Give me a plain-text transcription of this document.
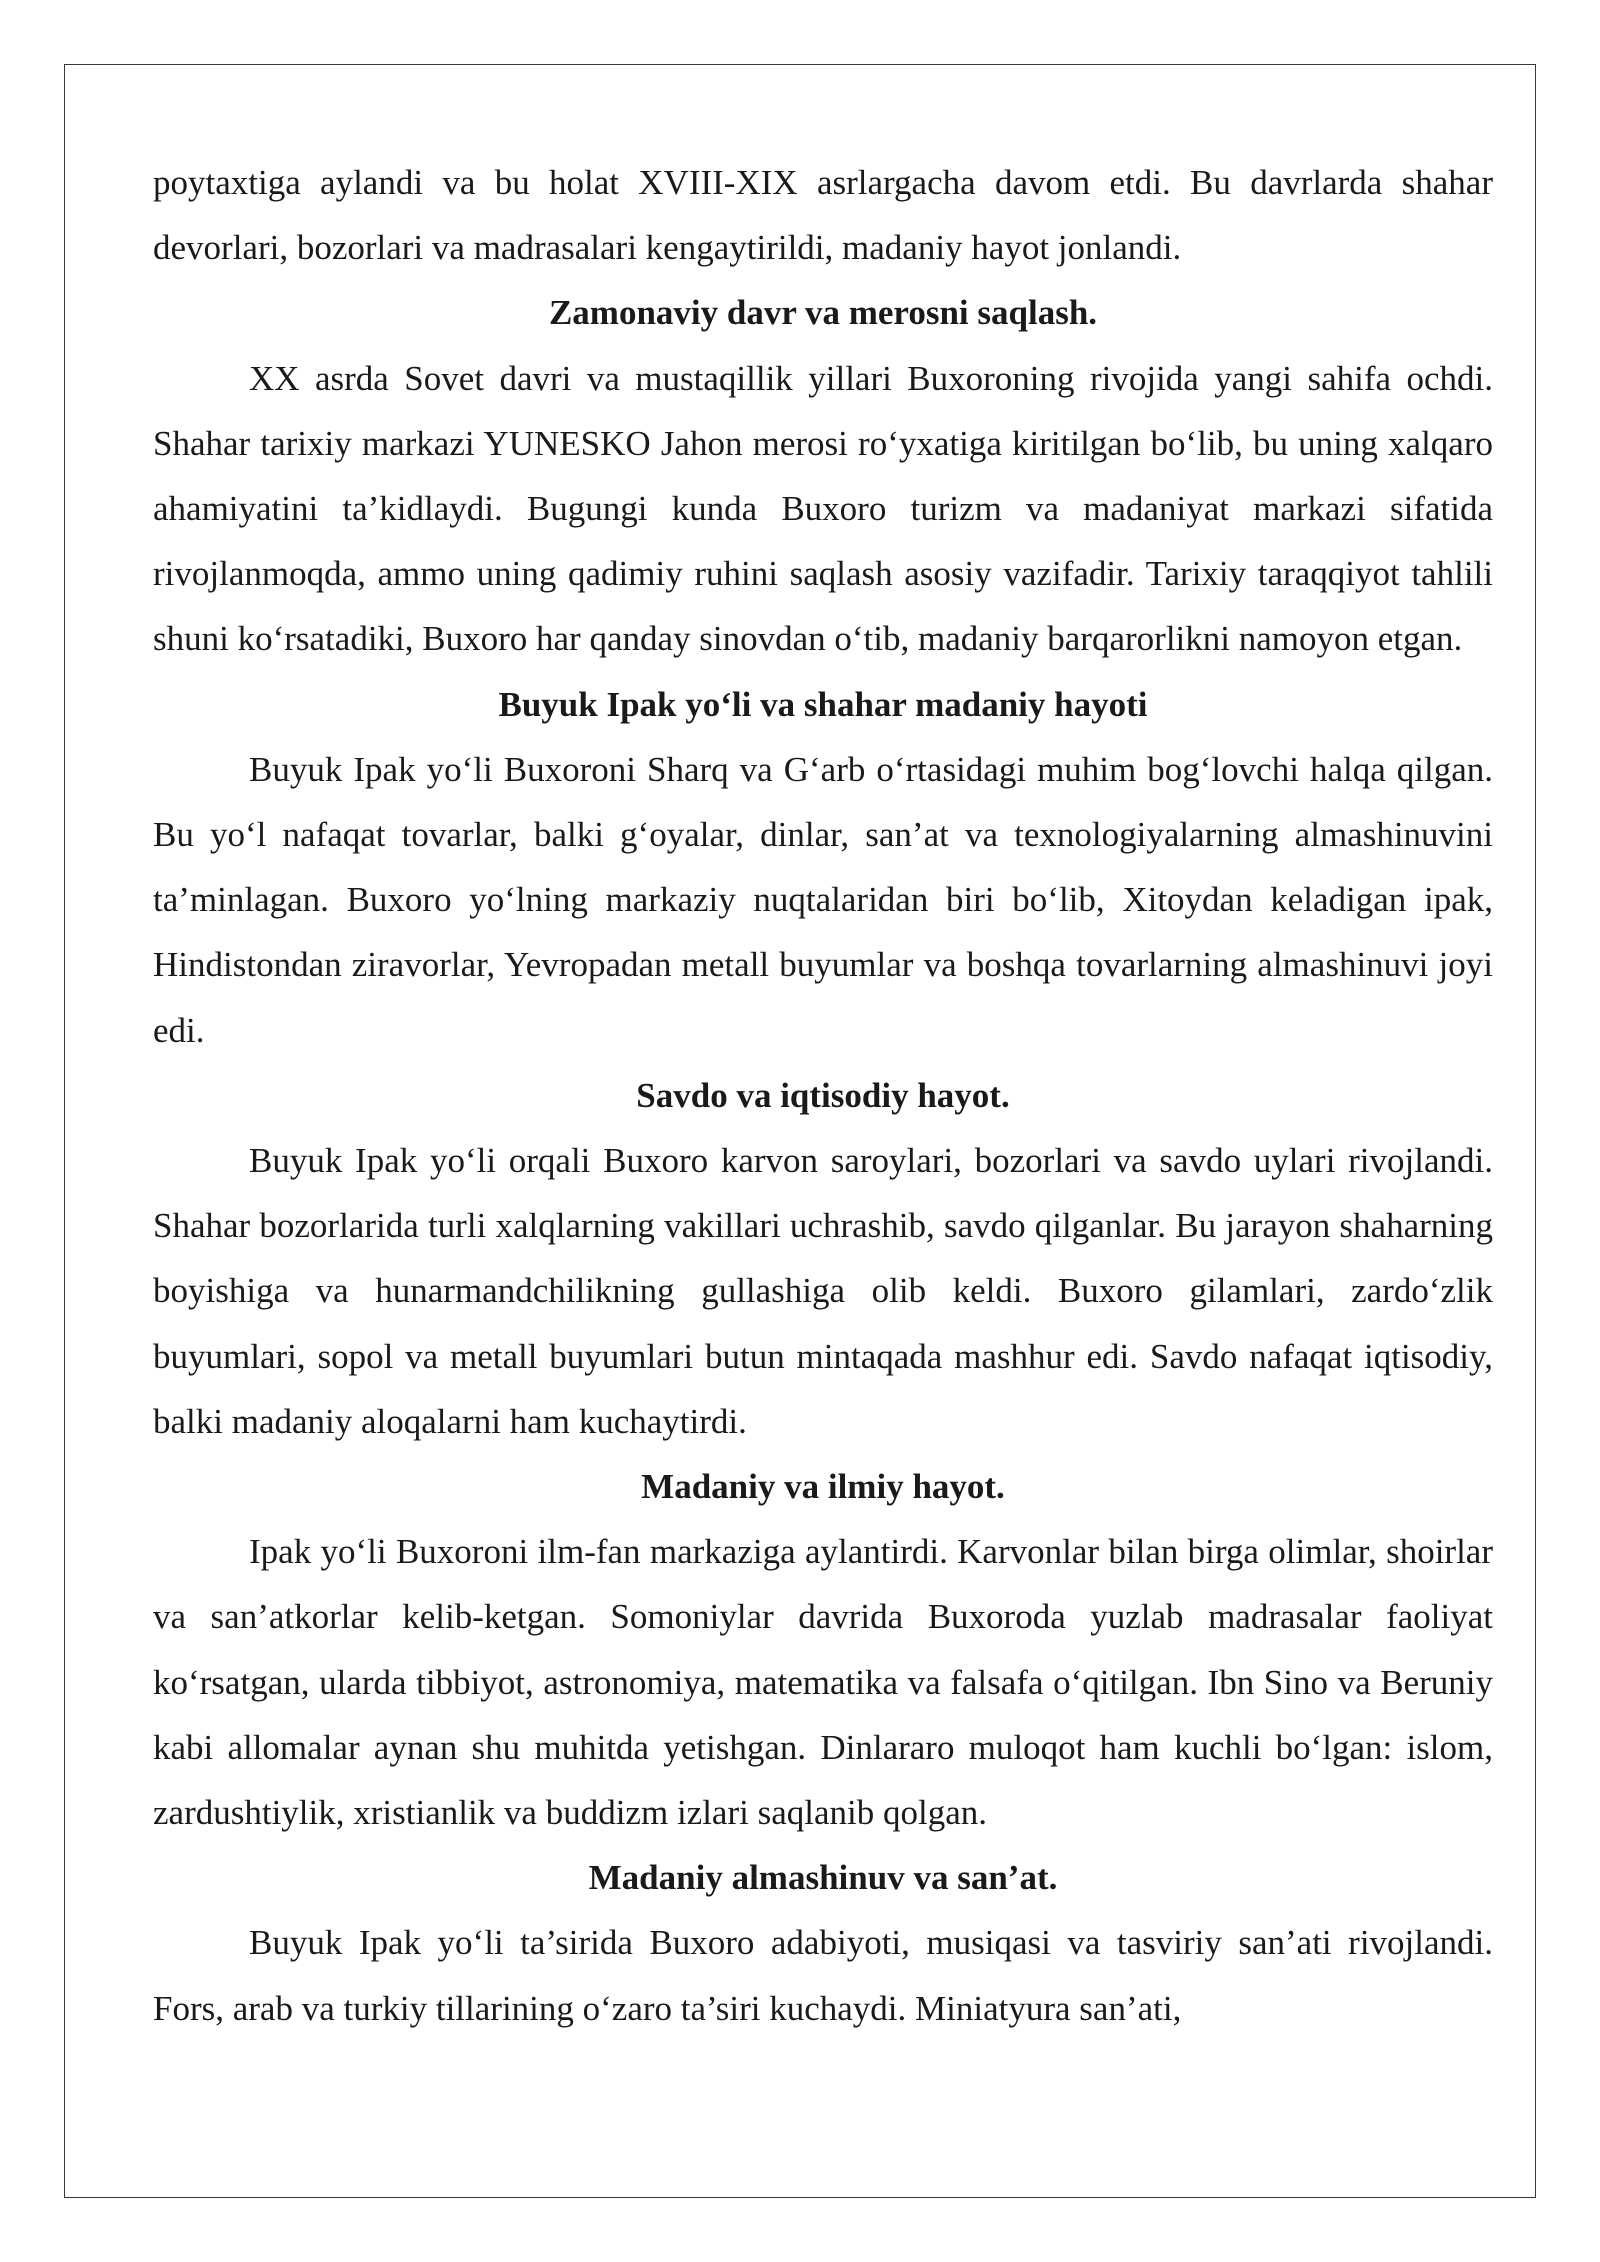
poytaxtiga aylandi va bu holat XVIII-XIX asrlargacha davom etdi. Bu davrlarda shahar devorlari, bozorlari va madrasalari kengaytirildi, madaniy hayot jonlandi.

Zamonaviy davr va merosni saqlash.

XX asrda Sovet davri va mustaqillik yillari Buxoroning rivojida yangi sahifa ochdi. Shahar tarixiy markazi YUNESKO Jahon merosi ro‘yxatiga kiritilgan bo‘lib, bu uning xalqaro ahamiyatini ta’kidlaydi. Bugungi kunda Buxoro turizm va madaniyat markazi sifatida rivojlanmoqda, ammo uning qadimiy ruhini saqlash asosiy vazifadir. Tarixiy taraqqiyot tahlili shuni ko‘rsatadiki, Buxoro har qanday sinovdan o‘tib, madaniy barqarorlikni namoyon etgan.

Buyuk Ipak yo‘li va shahar madaniy hayoti

Buyuk Ipak yo‘li Buxoroni Sharq va G‘arb o‘rtasidagi muhim bog‘lovchi halqa qilgan. Bu yo‘l nafaqat tovarlar, balki g‘oyalar, dinlar, san’at va texnologiyalarning almashinuvini ta’minlagan. Buxoro yo‘lning markaziy nuqtalaridan biri bo‘lib, Xitoydan keladigan ipak, Hindistondan ziravorlar, Yevropadan metall buyumlar va boshqa tovarlarning almashinuvi joyi edi.

Savdo va iqtisodiy hayot.

Buyuk Ipak yo‘li orqali Buxoro karvon saroylari, bozorlari va savdo uylari rivojlandi. Shahar bozorlarida turli xalqlarning vakillari uchrashib, savdo qilganlar. Bu jarayon shaharning boyishiga va hunarmandchilikning gullashiga olib keldi. Buxoro gilamlari, zardo‘zlik buyumlari, sopol va metall buyumlari butun mintaqada mashhur edi. Savdo nafaqat iqtisodiy, balki madaniy aloqalarni ham kuchaytirdi.

Madaniy va ilmiy hayot.

Ipak yo‘li Buxoroni ilm-fan markaziga aylantirdi. Karvonlar bilan birga olimlar, shoirlar va san’atkorlar kelib-ketgan. Somoniylar davrida Buxoroda yuzlab madrasalar faoliyat ko‘rsatgan, ularda tibbiyot, astronomiya, matematika va falsafa o‘qitilgan. Ibn Sino va Beruniy kabi allomalar aynan shu muhitda yetishgan. Dinlararo muloqot ham kuchli bo‘lgan: islom, zardushtiylik, xristianlik va buddizm izlari saqlanib qolgan.

Madaniy almashinuv va san’at.

Buyuk Ipak yo‘li ta’sirida Buxoro adabiyoti, musiqasi va tasviriy san’ati rivojlandi. Fors, arab va turkiy tillarining o‘zaro ta’siri kuchaydi. Miniatyura san’ati,
